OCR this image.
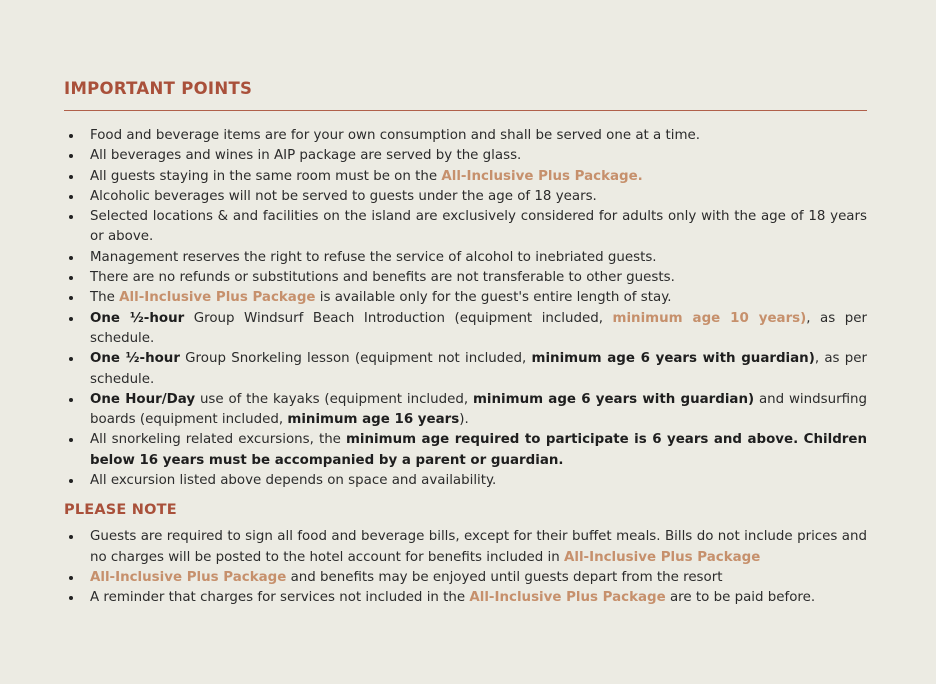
IMPORTANT POINTS
Food and beverage items are for your own consumption and shall be served one at a time.
All beverages and wines in AIP package are served by the glass.
All guests staying in the same room must be on the All-Inclusive Plus Package.
Alcoholic beverages will not be served to guests under the age of 18 years.
Selected locations & and facilities on the island are exclusively considered for adults only with the age of 18 years or above.
Management reserves the right to refuse the service of alcohol to inebriated guests.
There are no refunds or substitutions and benefits are not transferable to other guests.
The All-Inclusive Plus Package is available only for the guest's entire length of stay.
One ½-hour Group Windsurf Beach Introduction (equipment included, minimum age 10 years), as per schedule.
One ½-hour Group Snorkeling lesson (equipment not included, minimum age 6 years with guardian), as per schedule.
One Hour/Day use of the kayaks (equipment included, minimum age 6 years with guardian) and windsurfing boards (equipment included, minimum age 16 years).
All snorkeling related excursions, the minimum age required to participate is 6 years and above. Children below 16 years must be accompanied by a parent or guardian.
All excursion listed above depends on space and availability.
PLEASE NOTE
Guests are required to sign all food and beverage bills, except for their buffet meals. Bills do not include prices and no charges will be posted to the hotel account for benefits included in All-Inclusive Plus Package
All-Inclusive Plus Package and benefits may be enjoyed until guests depart from the resort
A reminder that charges for services not included in the All-Inclusive Plus Package are to be paid before.
